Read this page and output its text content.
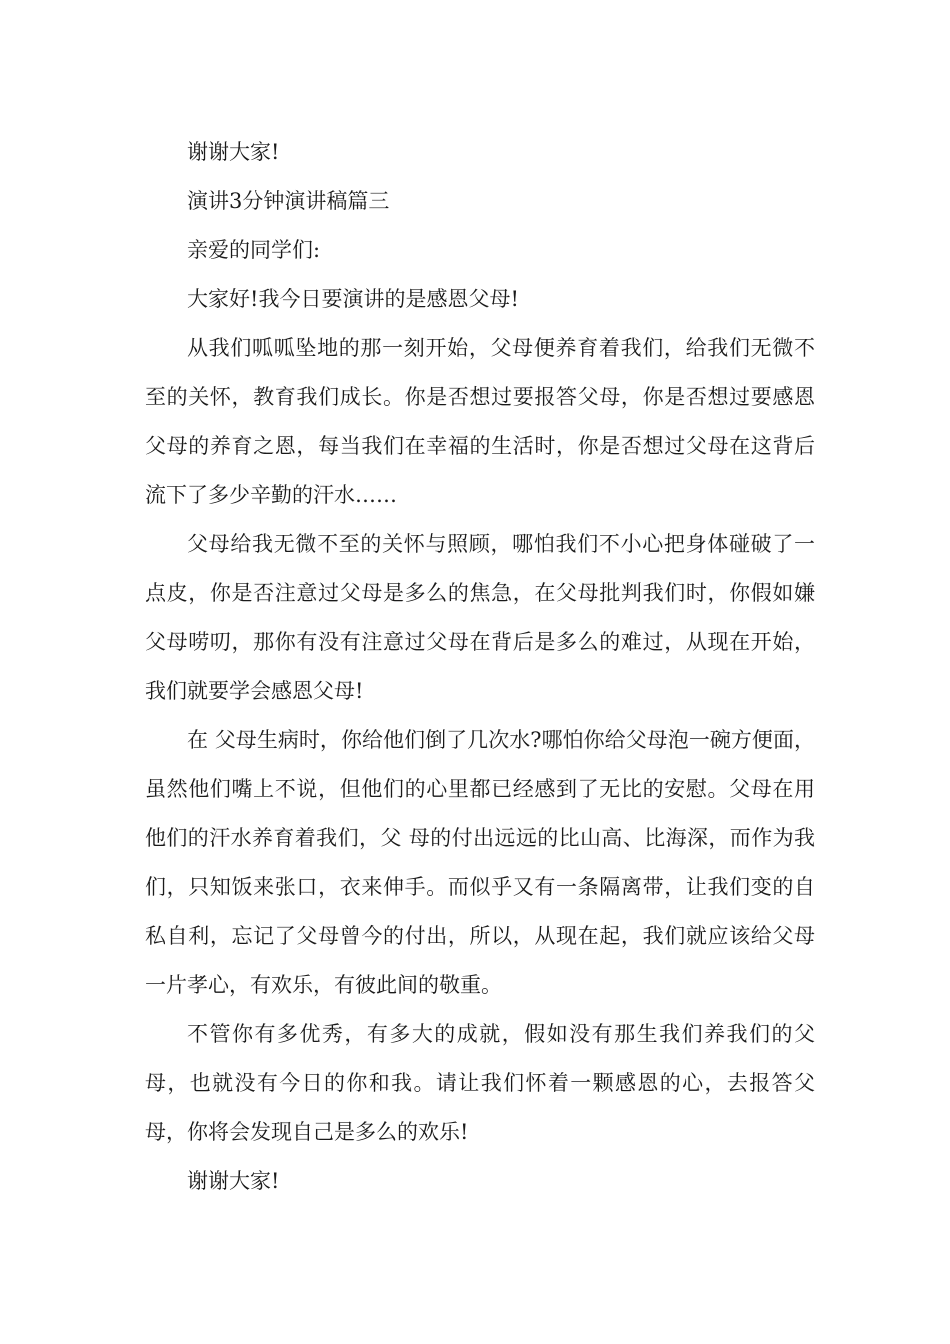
谢谢大家!

演讲3分钟演讲稿篇三

亲爱的同学们:

大家好!我今日要演讲的是感恩父母!

从我们呱呱坠地的那一刻开始，父母便养育着我们，给我们无微不至的关怀，教育我们成长。你是否想过要报答父母，你是否想过要感恩父母的养育之恩，每当我们在幸福的生活时，你是否想过父母在这背后流下了多少辛勤的汗水……

父母给我无微不至的关怀与照顾，哪怕我们不小心把身体碰破了一点皮，你是否注意过父母是多么的焦急，在父母批判我们时，你假如嫌父母唠叨，那你有没有注意过父母在背后是多么的难过，从现在开始，我们就要学会感恩父母!

在 父母生病时，你给他们倒了几次水?哪怕你给父母泡一碗方便面，虽然他们嘴上不说，但他们的心里都已经感到了无比的安慰。父母在用他们的汗水养育着我们，父 母的付出远远的比山高、比海深，而作为我们，只知饭来张口，衣来伸手。而似乎又有一条隔离带，让我们变的自私自利，忘记了父母曾今的付出，所以，从现在起，我们就应该给父母一片孝心，有欢乐，有彼此间的敬重。

不管你有多优秀，有多大的成就，假如没有那生我们养我们的父母，也就没有今日的你和我。请让我们怀着一颗感恩的心，去报答父母，你将会发现自己是多么的欢乐!

谢谢大家!
